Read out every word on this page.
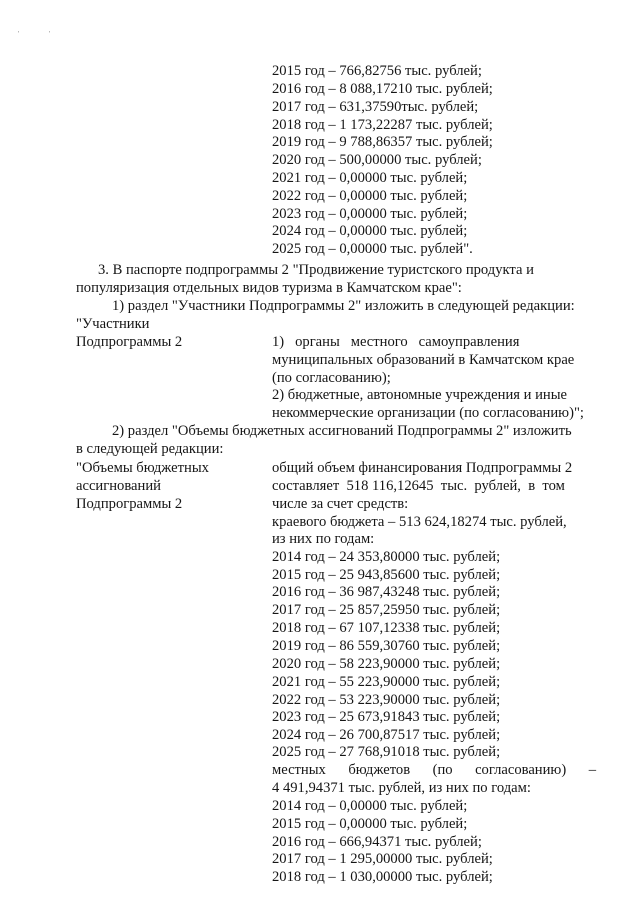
' '
2015 год – 766,82756 тыс. рублей;
2016 год – 8 088,17210 тыс. рублей;
2017 год – 631,37590тыс. рублей;
2018 год – 1 173,22287 тыс. рублей;
2019 год – 9 788,86357 тыс. рублей;
2020 год – 500,00000 тыс. рублей;
2021 год – 0,00000 тыс. рублей;
2022 год – 0,00000 тыс. рублей;
2023 год – 0,00000 тыс. рублей;
2024 год – 0,00000 тыс. рублей;
2025 год – 0,00000 тыс. рублей".
3. В паспорте подпрограммы 2 "Продвижение туристского продукта и
популяризация отдельных видов туризма в Камчатском крае":
1) раздел "Участники Подпрограммы 2" изложить в следующей редакции:
"Участники
Подпрограммы 2	1)   органы   местного   самоуправления
муниципальных образований в Камчатском крае
(по согласованию);
2) бюджетные, автономные учреждения и иные
некоммерческие организации (по согласованию)";
2) раздел "Объемы бюджетных ассигнований Подпрограммы 2" изложить
в следующей редакции:
"Объемы бюджетных
ассигнований
Подпрограммы 2
общий объем финансирования Подпрограммы 2
составляет  518 116,12645  тыс.  рублей,  в  том
числе за счет средств:
краевого бюджета – 513 624,18274 тыс. рублей,
из них по годам:
2014 год – 24 353,80000 тыс. рублей;
2015 год – 25 943,85600 тыс. рублей;
2016 год – 36 987,43248 тыс. рублей;
2017 год – 25 857,25950 тыс. рублей;
2018 год – 67 107,12338 тыс. рублей;
2019 год – 86 559,30760 тыс. рублей;
2020 год – 58 223,90000 тыс. рублей;
2021 год – 55 223,90000 тыс. рублей;
2022 год – 53 223,90000 тыс. рублей;
2023 год – 25 673,91843 тыс. рублей;
2024 год – 26 700,87517 тыс. рублей;
2025 год – 27 768,91018 тыс. рублей;
местных бюджетов (по согласованию) –
4 491,94371 тыс. рублей, из них по годам:
2014 год – 0,00000 тыс. рублей;
2015 год – 0,00000 тыс. рублей;
2016 год – 666,94371 тыс. рублей;
2017 год – 1 295,00000 тыс. рублей;
2018 год – 1 030,00000 тыс. рублей;
